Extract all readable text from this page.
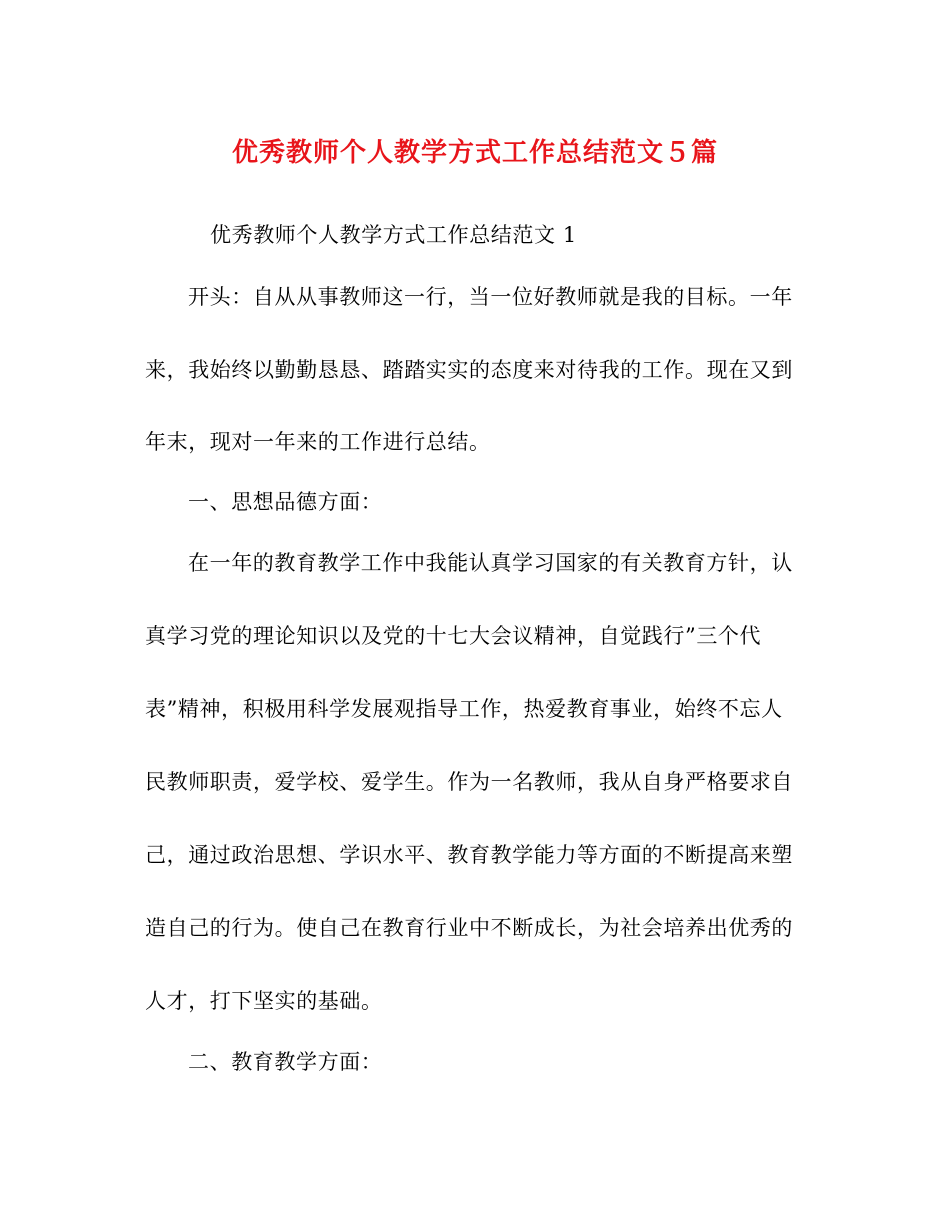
优秀教师个人教学方式工作总结范文５篇
优秀教师个人教学方式工作总结范文 1
开头：自从从事教师这一行，当一位好教师就是我的目标。一年
来，我始终以勤勤恳恳、踏踏实实的态度来对待我的工作。现在又到
年末，现对一年来的工作进行总结。
一、思想品德方面：
在一年的教育教学工作中我能认真学习国家的有关教育方针，认
真学习党的理论知识以及党的十七大会议精神，自觉践行”三个代
表”精神，积极用科学发展观指导工作，热爱教育事业，始终不忘人
民教师职责，爱学校、爱学生。作为一名教师，我从自身严格要求自
己，通过政治思想、学识水平、教育教学能力等方面的不断提高来塑
造自己的行为。使自己在教育行业中不断成长，为社会培养出优秀的
人才，打下坚实的基础。
二、教育教学方面：
